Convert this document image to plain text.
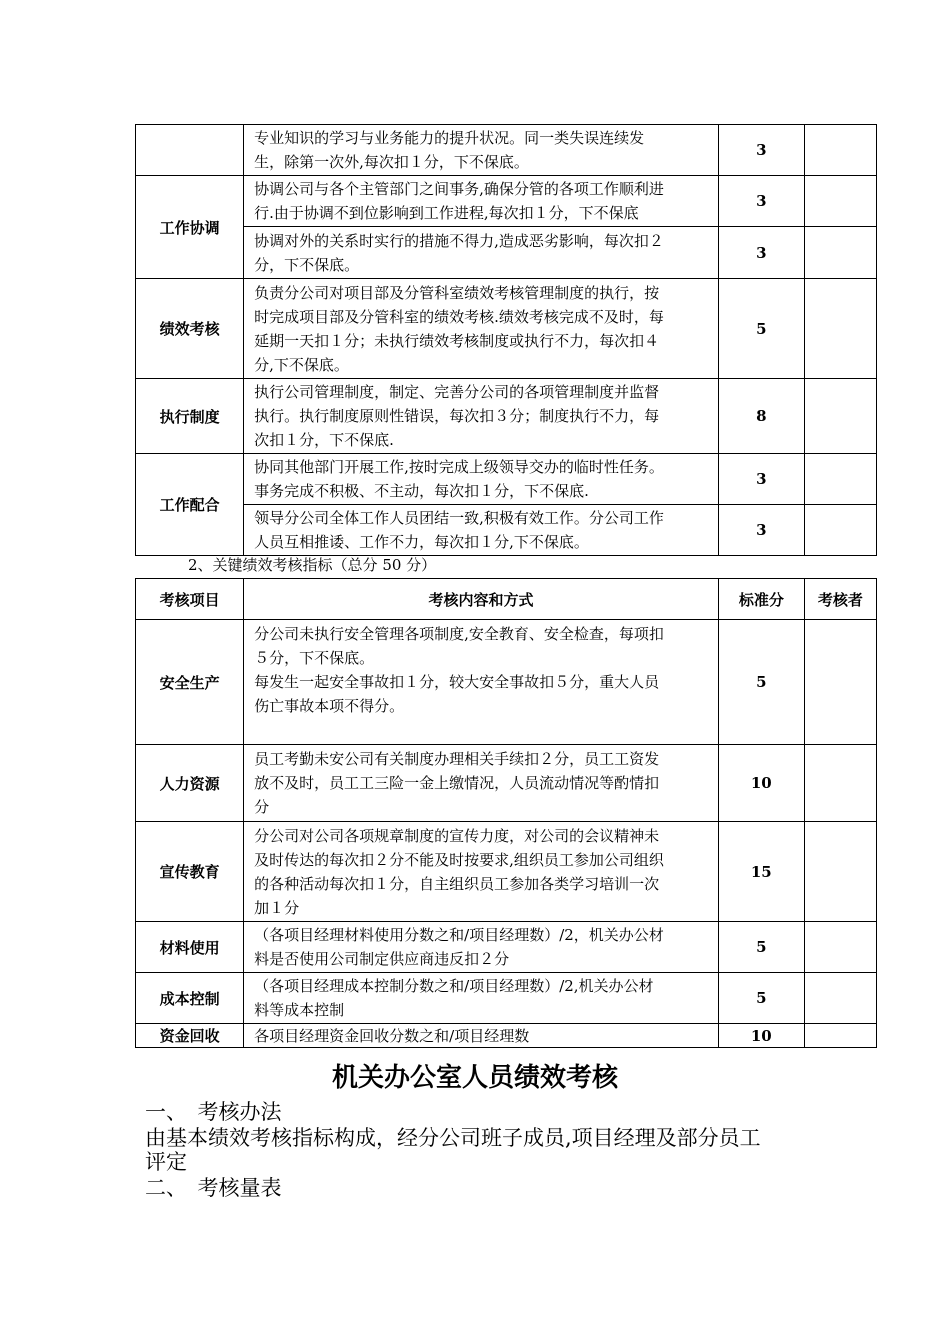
	专业知识的学习与业务能力的提升状况。同一类失误连续发
生，除第一次外,每次扣１分，下不保底。	3	
工作协调	协调公司与各个主管部门之间事务,确保分管的各项工作顺利进
行.由于协调不到位影响到工作进程,每次扣１分，下不保底	3	

	协调对外的关系时实行的措施不得力,造成恶劣影响，每次扣２
分，下不保底。	3	
绩效考核	负责分公司对项目部及分管科室绩效考核管理制度的执行，按
时完成项目部及分管科室的绩效考核.绩效考核完成不及时，每
延期一天扣１分；未执行绩效考核制度或执行不力，每次扣４
分,下不保底。	5	
执行制度	执行公司管理制度，制定、完善分公司的各项管理制度并监督
执行。执行制度原则性错误，每次扣３分；制度执行不力，每
次扣１分，下不保底.	8	
工作配合	协同其他部门开展工作,按时完成上级领导交办的临时性任务。
事务完成不积极、不主动，每次扣１分，下不保底.	3	

	领导分公司全体工作人员团结一致,积极有效工作。分公司工作
人员互相推诿、工作不力，每次扣１分,下不保底。	3	
2、关键绩效考核指标（总分 50 分）
考核项目	考核内容和方式	标准分	考核者
安全生产	分公司未执行安全管理各项制度,安全教育、安全检查，每项扣
５分，下不保底。
每发生一起安全事故扣１分，较大安全事故扣５分，重大人员
伤亡事故本项不得分。	5	
人力资源	员工考勤未安公司有关制度办理相关手续扣２分，员工工资发
放不及时，员工工三险一金上缴情况，人员流动情况等酌情扣
分	10	
宣传教育	分公司对公司各项规章制度的宣传力度，对公司的会议精神未
及时传达的每次扣２分不能及时按要求,组织员工参加公司组织
的各种活动每次扣１分，自主组织员工参加各类学习培训一次
加１分	15	
材料使用	（各项目经理材料使用分数之和/项目经理数）/2，机关办公材
料是否使用公司制定供应商违反扣２分	5	
成本控制	（各项目经理成本控制分数之和/项目经理数）/2,机关办公材
料等成本控制	5	
资金回收	各项目经理资金回收分数之和/项目经理数	10	
机关办公室人员绩效考核
一、　考核办法
由基本绩效考核指标构成，经分公司班子成员,项目经理及部分员工
评定
二、　考核量表
